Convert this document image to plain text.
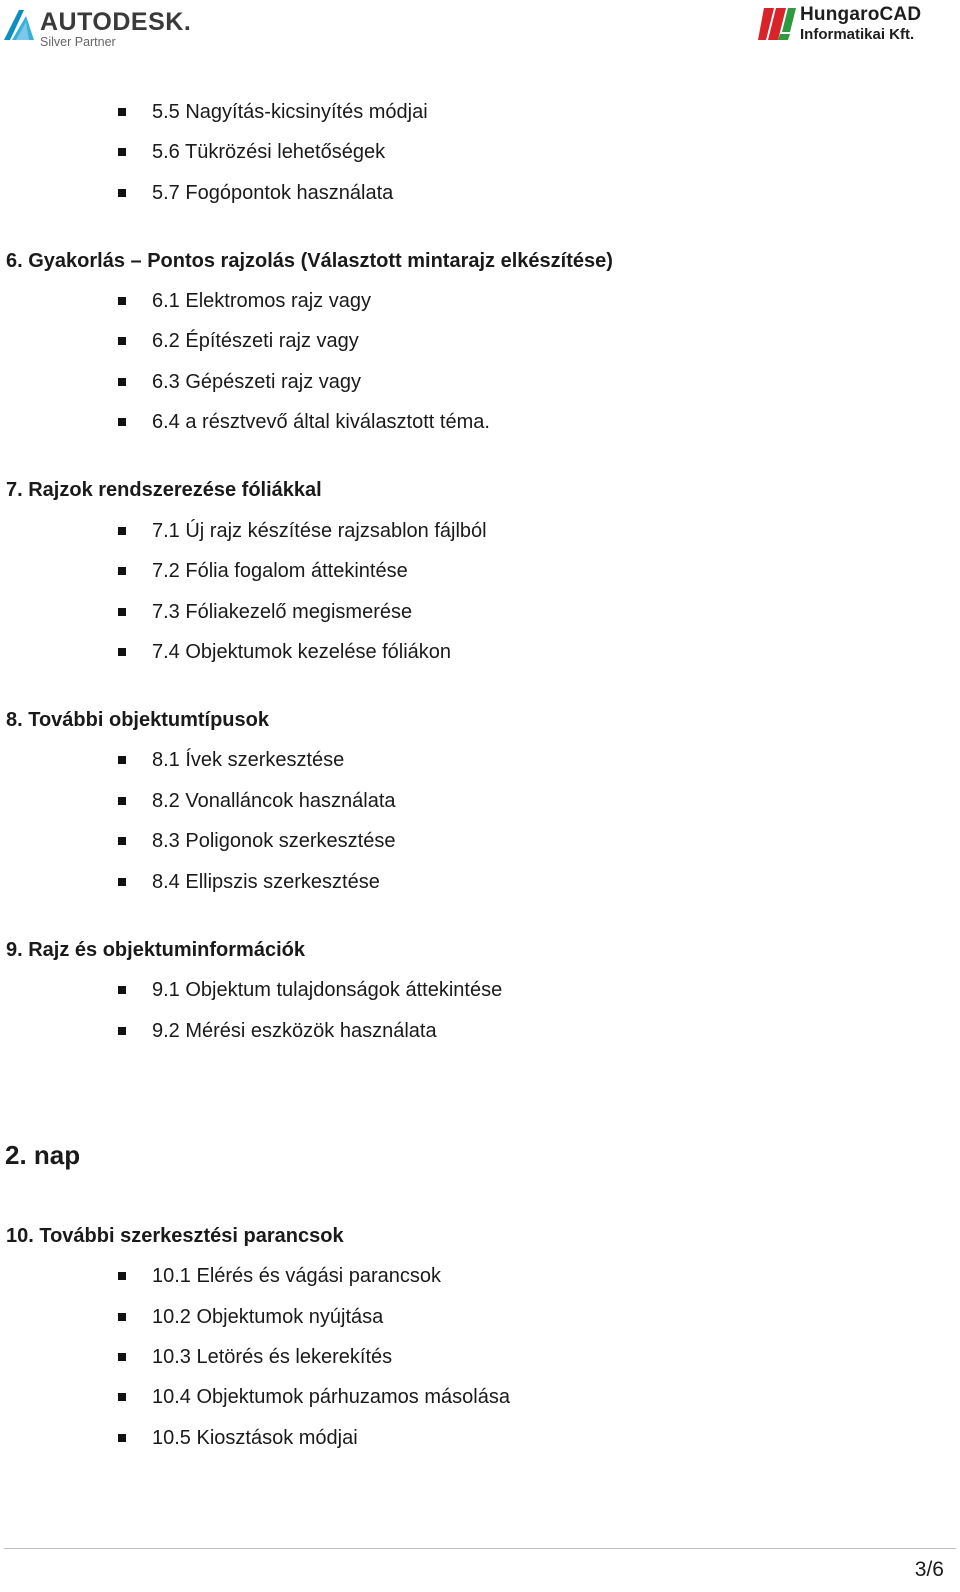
AUTODESK.
Silver Partner
HungaroCAD
Informatikai Kft.
5.5 Nagyítás-kicsinyítés módjai
5.6 Tükrözési lehetőségek
5.7 Fogópontok használata
6. Gyakorlás – Pontos rajzolás (Választott mintarajz elkészítése)
6.1 Elektromos rajz vagy
6.2 Építészeti rajz vagy
6.3 Gépészeti rajz vagy
6.4 a résztvevő által kiválasztott téma.
7. Rajzok rendszerezése fóliákkal
7.1 Új rajz készítése rajzsablon fájlból
7.2 Fólia fogalom áttekintése
7.3 Fóliakezelő megismerése
7.4 Objektumok kezelése fóliákon
8. További objektumtípusok
8.1 Ívek szerkesztése
8.2 Vonalláncok használata
8.3 Poligonok szerkesztése
8.4 Ellipszis szerkesztése
9. Rajz és objektuminformációk
9.1 Objektum tulajdonságok áttekintése
9.2 Mérési eszközök használata
2. nap
10. További szerkesztési parancsok
10.1 Elérés és vágási parancsok
10.2 Objektumok nyújtása
10.3 Letörés és lekerekítés
10.4 Objektumok párhuzamos másolása
10.5 Kiosztások módjai
3/6
